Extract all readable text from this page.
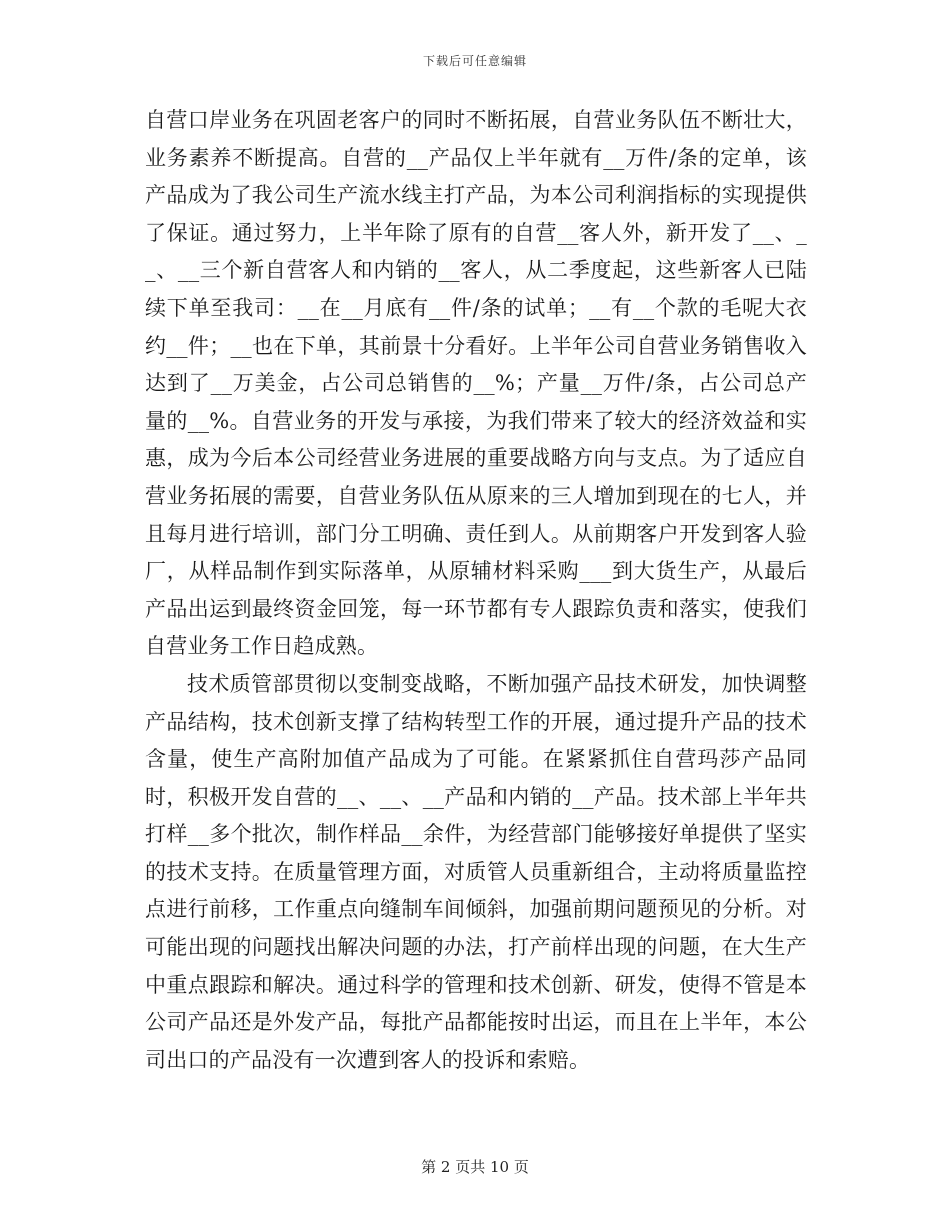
下载后可任意编辑

自营口岸业务在巩固老客户的同时不断拓展，自营业务队伍不断壮大，业务素养不断提高。自营的__产品仅上半年就有__万件/条的定单，该产品成为了我公司生产流水线主打产品，为本公司利润指标的实现提供了保证。通过努力，上半年除了原有的自营__客人外，新开发了__、__、__三个新自营客人和内销的__客人，从二季度起，这些新客人已陆续下单至我司：__在__月底有__件/条的试单；__有__个款的毛呢大衣约__件；__也在下单，其前景十分看好。上半年公司自营业务销售收入达到了__万美金，占公司总销售的__%；产量__万件/条，占公司总产量的__%。自营业务的开发与承接，为我们带来了较大的经济效益和实惠，成为今后本公司经营业务进展的重要战略方向与支点。为了适应自营业务拓展的需要，自营业务队伍从原来的三人增加到现在的七人，并且每月进行培训，部门分工明确、责任到人。从前期客户开发到客人验厂，从样品制作到实际落单，从原辅材料采购___到大货生产，从最后产品出运到最终资金回笼，每一环节都有专人跟踪负责和落实，使我们自营业务工作日趋成熟。

技术质管部贯彻以变制变战略，不断加强产品技术研发，加快调整产品结构，技术创新支撑了结构转型工作的开展，通过提升产品的技术含量，使生产高附加值产品成为了可能。在紧紧抓住自营玛莎产品同时，积极开发自营的__、__、__产品和内销的__产品。技术部上半年共打样__多个批次，制作样品__余件，为经营部门能够接好单提供了坚实的技术支持。在质量管理方面，对质管人员重新组合，主动将质量监控点进行前移，工作重点向缝制车间倾斜，加强前期问题预见的分析。对可能出现的问题找出解决问题的办法，打产前样出现的问题，在大生产中重点跟踪和解决。通过科学的管理和技术创新、研发，使得不管是本公司产品还是外发产品，每批产品都能按时出运，而且在上半年，本公司出口的产品没有一次遭到客人的投诉和索赔。

第 2 页共 10 页
